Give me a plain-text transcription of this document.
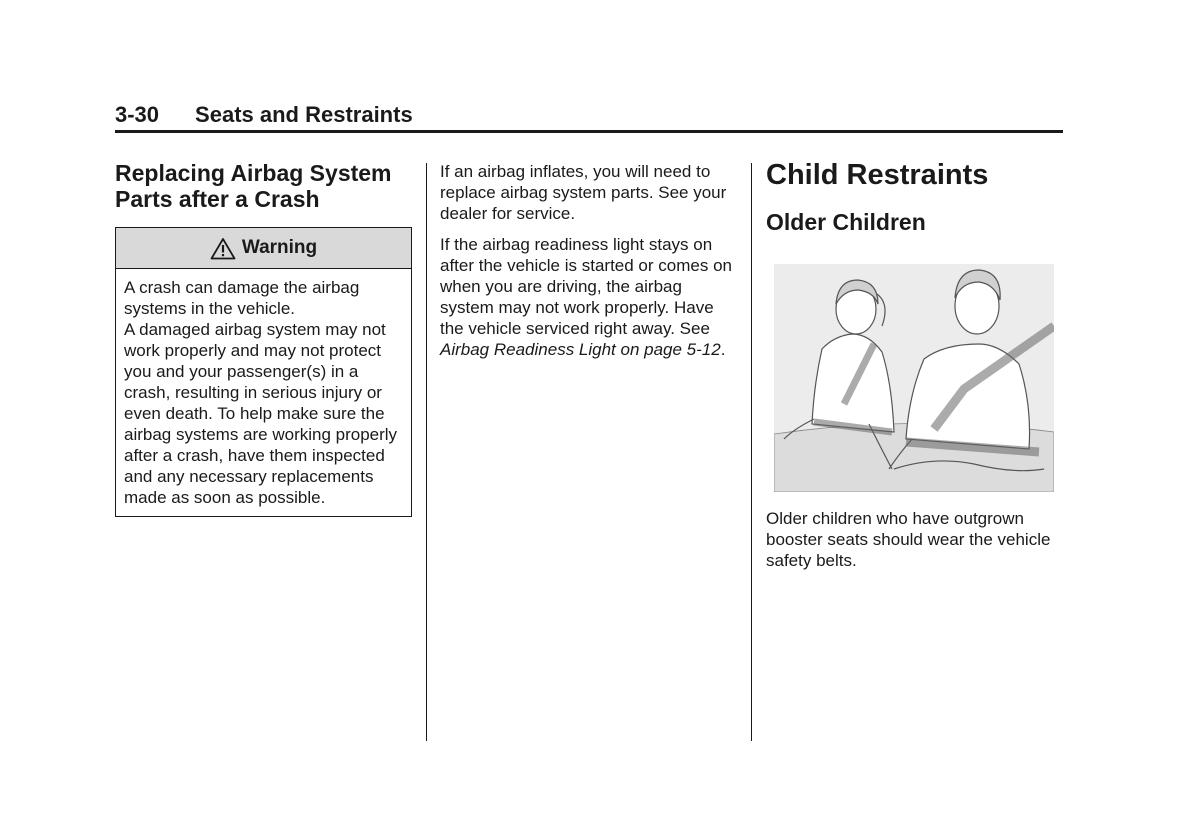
3-30 Seats and Restraints
Replacing Airbag System Parts after a Crash
Warning

A crash can damage the airbag systems in the vehicle.

A damaged airbag system may not work properly and may not protect you and your passenger(s) in a crash, resulting in serious injury or even death. To help make sure the airbag systems are working properly after a crash, have them inspected and any necessary replacements made as soon as possible.

If an airbag inflates, you will need to replace airbag system parts. See your dealer for service.

If the airbag readiness light stays on after the vehicle is started or comes on when you are driving, the airbag system may not work properly. Have the vehicle serviced right away. See Airbag Readiness Light on page 5-12.

Child Restraints
Older Children

Older children who have outgrown booster seats should wear the vehicle safety belts.
